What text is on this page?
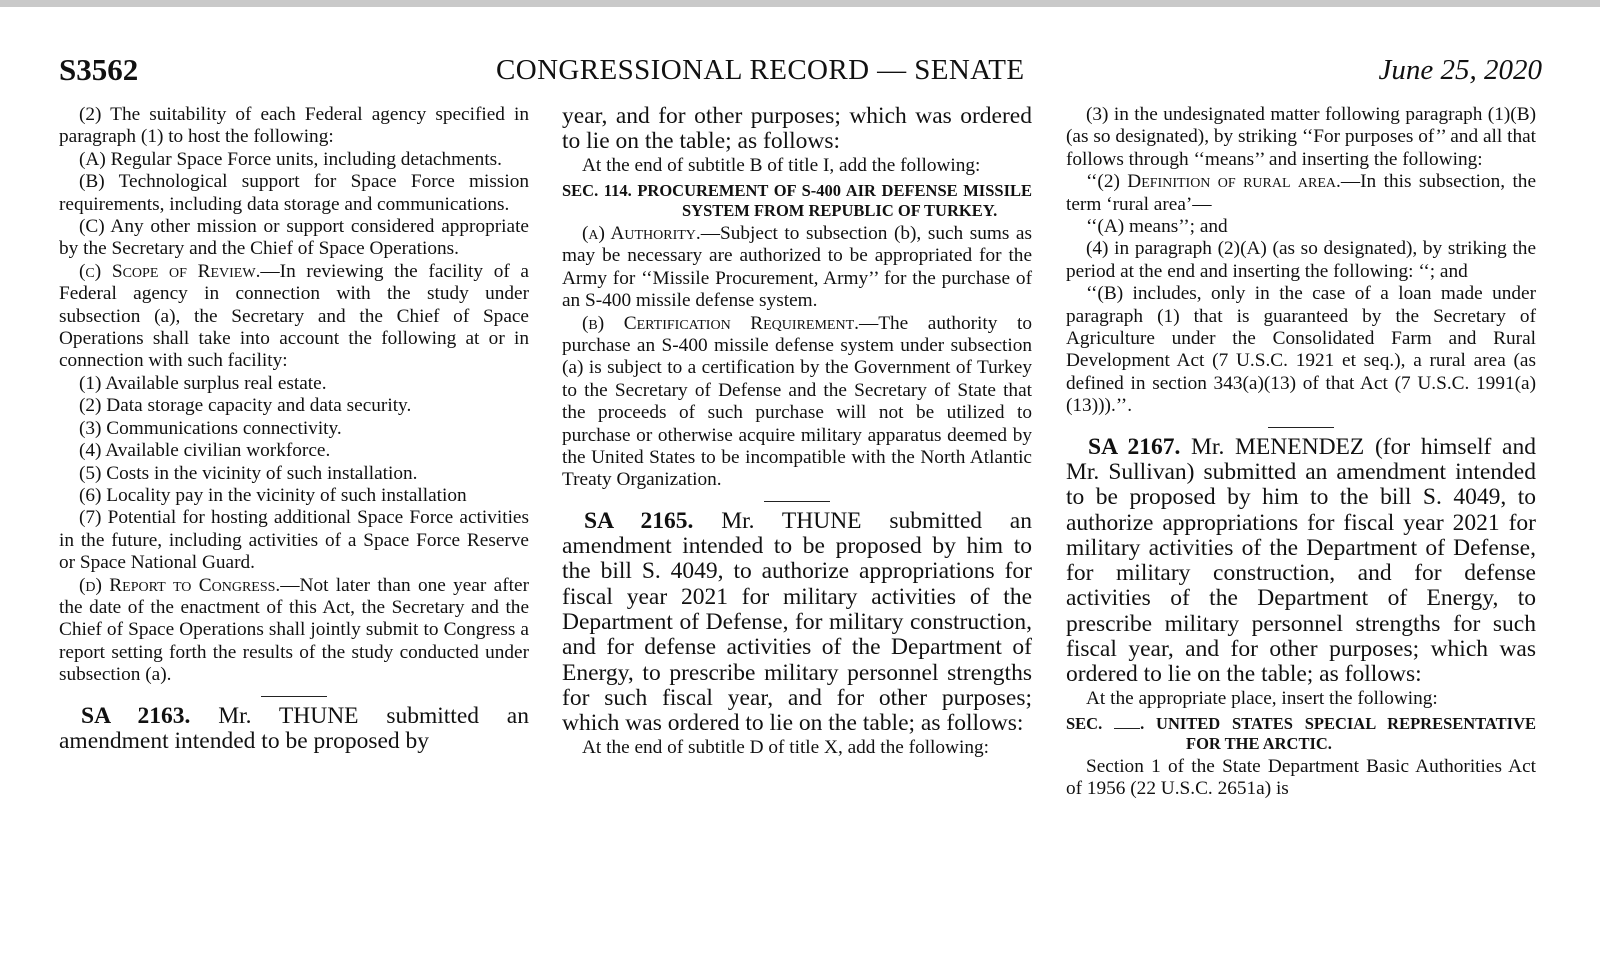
S3562	CONGRESSIONAL RECORD — SENATE	June 25, 2020

(2) The suitability of each Federal agency specified in paragraph (1) to host the following:

(A) Regular Space Force units, including detachments.

(B) Technological support for Space Force mission requirements, including data storage and communications.

(C) Any other mission or support considered appropriate by the Secretary and the Chief of Space Operations.

(c) Scope of Review.—In reviewing the facility of a Federal agency in connection with the study under subsection (a), the Secretary and the Chief of Space Operations shall take into account the following at or in connection with such facility:

(1) Available surplus real estate.

(2) Data storage capacity and data security.

(3) Communications connectivity.

(4) Available civilian workforce.

(5) Costs in the vicinity of such installation.

(6) Locality pay in the vicinity of such installation

(7) Potential for hosting additional Space Force activities in the future, including activities of a Space Force Reserve or Space National Guard.

(d) Report to Congress.—Not later than one year after the date of the enactment of this Act, the Secretary and the Chief of Space Operations shall jointly submit to Congress a report setting forth the results of the study conducted under subsection (a).

SA 2163. Mr. THUNE submitted an amendment intended to be proposed by

year, and for other purposes; which was ordered to lie on the table; as follows:

At the end of subtitle B of title I, add the following:

SEC. 114. PROCUREMENT OF S-400 AIR DEFENSE MISSILE SYSTEM FROM REPUBLIC OF TURKEY.

(a) Authority.—Subject to subsection (b), such sums as may be necessary are authorized to be appropriated for the Army for ‘‘Missile Procurement, Army’’ for the purchase of an S-400 missile defense system.

(b) Certification Requirement.—The authority to purchase an S-400 missile defense system under subsection (a) is subject to a certification by the Government of Turkey to the Secretary of Defense and the Secretary of State that the proceeds of such purchase will not be utilized to purchase or otherwise acquire military apparatus deemed by the United States to be incompatible with the North Atlantic Treaty Organization.

SA 2165. Mr. THUNE submitted an amendment intended to be proposed by him to the bill S. 4049, to authorize appropriations for fiscal year 2021 for military activities of the Department of Defense, for military construction, and for defense activities of the Department of Energy, to prescribe military personnel strengths for such fiscal year, and for other purposes; which was ordered to lie on the table; as follows:

At the end of subtitle D of title X, add the following:

(3) in the undesignated matter following paragraph (1)(B) (as so designated), by striking ‘‘For purposes of’’ and all that follows through ‘‘means’’ and inserting the following:

‘‘(2) Definition of rural area.—In this subsection, the term ‘rural area’—

‘‘(A) means’’; and

(4) in paragraph (2)(A) (as so designated), by striking the period at the end and inserting the following: ‘‘; and

‘‘(B) includes, only in the case of a loan made under paragraph (1) that is guaranteed by the Secretary of Agriculture under the Consolidated Farm and Rural Development Act (7 U.S.C. 1921 et seq.), a rural area (as defined in section 343(a)(13) of that Act (7 U.S.C. 1991(a)(13))).’’.

SA 2167. Mr. MENENDEZ (for himself and Mr. Sullivan) submitted an amendment intended to be proposed by him to the bill S. 4049, to authorize appropriations for fiscal year 2021 for military activities of the Department of Defense, for military construction, and for defense activities of the Department of Energy, to prescribe military personnel strengths for such fiscal year, and for other purposes; which was ordered to lie on the table; as follows:

At the appropriate place, insert the following:

SEC. . UNITED STATES SPECIAL REPRESENTATIVE FOR THE ARCTIC.

Section 1 of the State Department Basic Authorities Act of 1956 (22 U.S.C. 2651a) is
